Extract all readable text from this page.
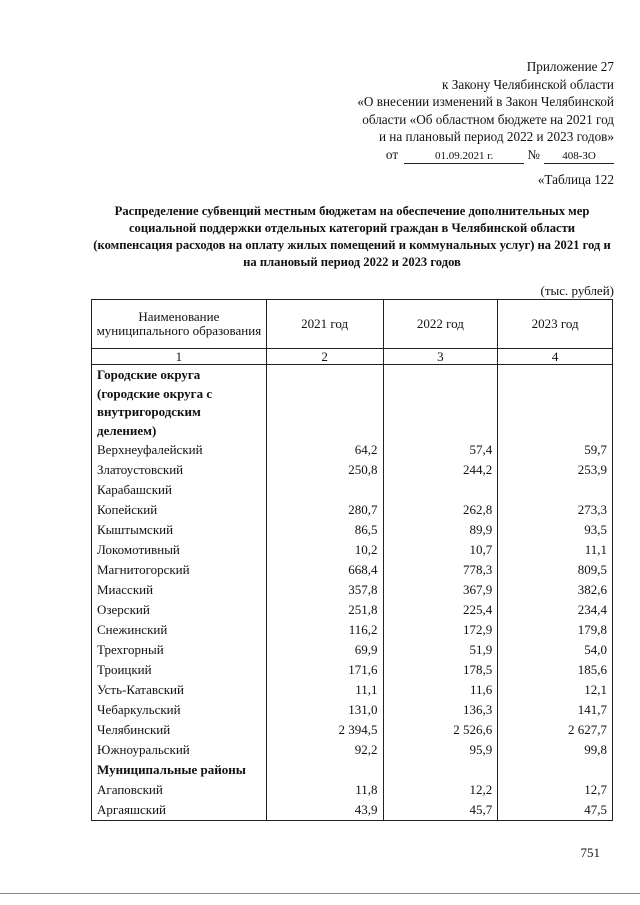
Приложение 27
к Закону Челябинской области
«О внесении изменений в Закон Челябинской
области «Об областном бюджете на 2021 год
и на плановый период 2022 и 2023 годов»
от	01.09.2021 г.	№ 408-ЗО
«Таблица 122
Распределение субвенций местным бюджетам на обеспечение дополнительных мер социальной поддержки отдельных категорий граждан в Челябинской области (компенсация расходов на оплату жилых помещений и коммунальных услуг) на 2021 год и на плановый период 2022 и 2023 годов
(тыс. рублей)
Наименование муниципального образования	2021 год	2022 год	2023 год
1	2	3	4
Городские округа (городские округа с внутригородским делением)			
Верхнеуфалейский	64,2	57,4	59,7
Златоустовский	250,8	244,2	253,9
Карабашский			
Копейский	280,7	262,8	273,3
Кыштымский	86,5	89,9	93,5
Локомотивный	10,2	10,7	11,1
Магнитогорский	668,4	778,3	809,5
Миасский	357,8	367,9	382,6
Озерский	251,8	225,4	234,4
Снежинский	116,2	172,9	179,8
Трехгорный	69,9	51,9	54,0
Троицкий	171,6	178,5	185,6
Усть-Катавский	11,1	11,6	12,1
Чебаркульский	131,0	136,3	141,7
Челябинский	2 394,5	2 526,6	2 627,7
Южноуральский	92,2	95,9	99,8
Муниципальные районы			
Агаповский	11,8	12,2	12,7
Аргаяшский	43,9	45,7	47,5
751
